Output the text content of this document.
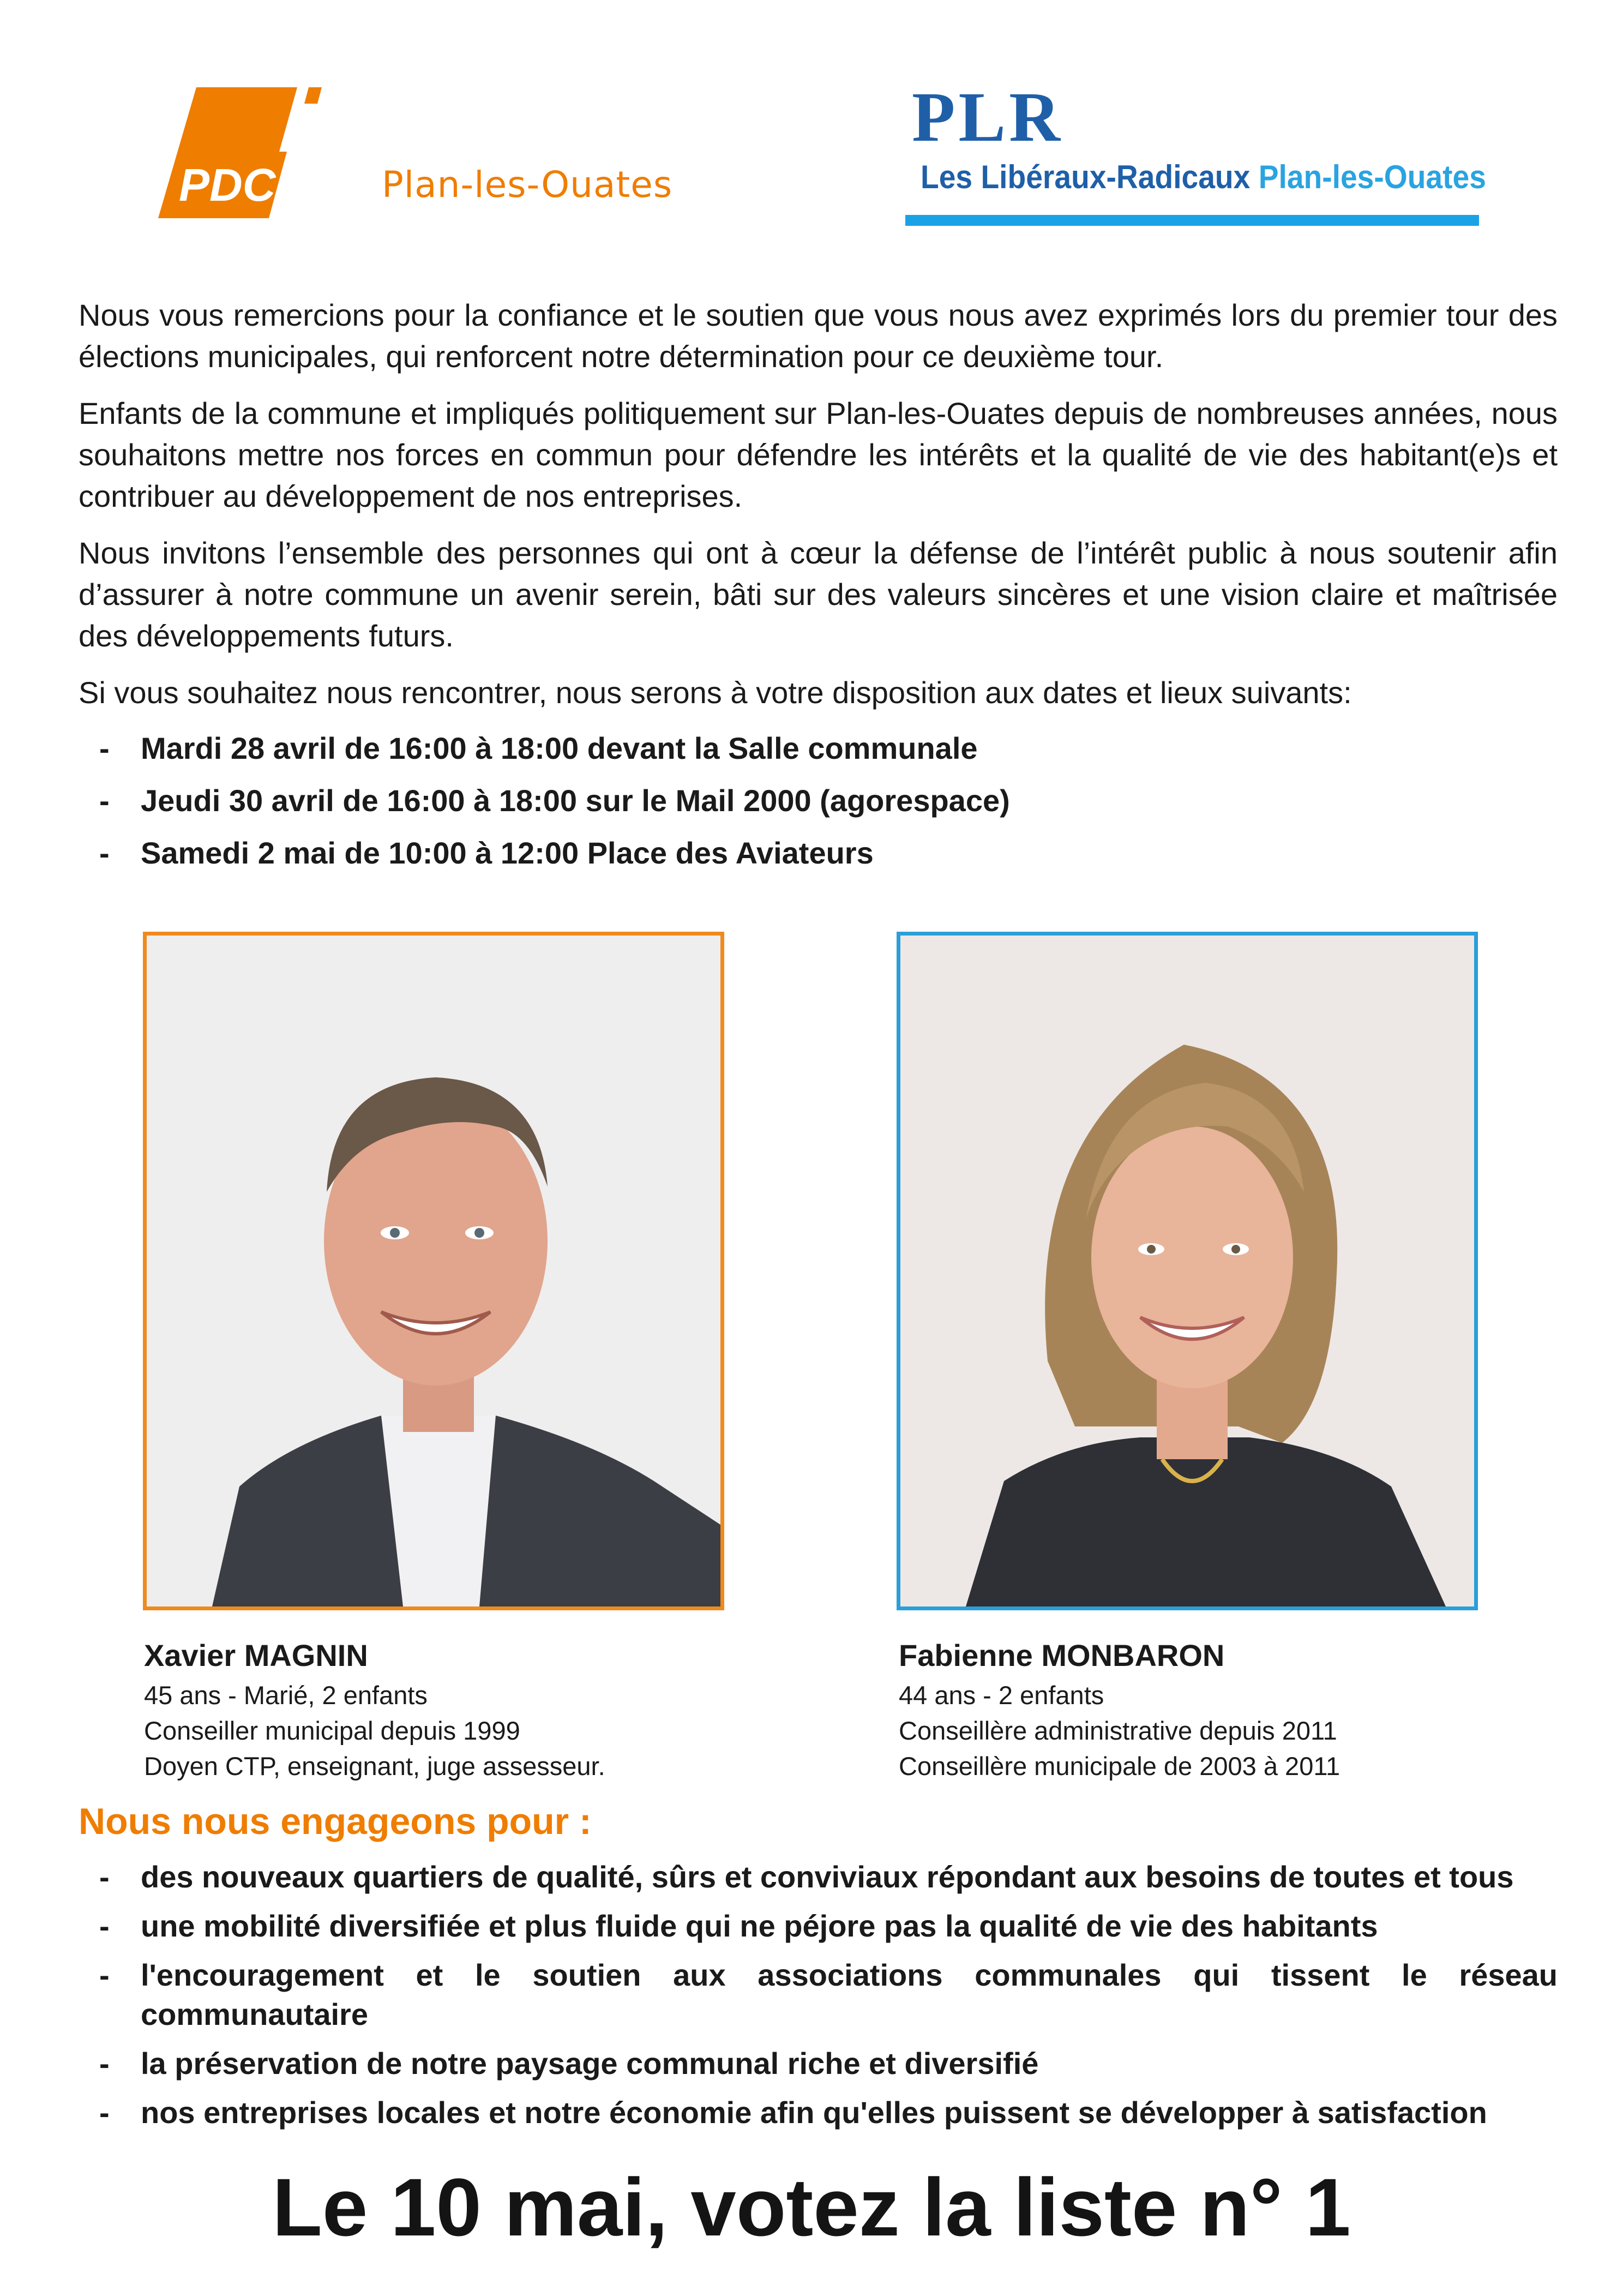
PDC	Plan-les-Ouates
PLR
Les Libéraux-Radicaux Plan-les-Ouates

Nous vous remercions pour la confiance et le soutien que vous nous avez exprimés lors du premier tour des élections municipales, qui renforcent notre détermination pour ce deuxième tour.

Enfants de la commune et impliqués politiquement sur Plan-les-Ouates depuis de nombreuses années, nous souhaitons mettre nos forces en commun pour défendre les intérêts et la qualité de vie des habitant(e)s et contribuer au développement de nos entreprises.

Nous invitons l’ensemble des personnes qui ont à cœur la défense de l’intérêt public à nous soutenir afin d’assurer à notre commune un avenir serein, bâti sur des valeurs sincères et une vision claire et maîtrisée des développements futurs.

Si vous souhaitez nous rencontrer, nous serons à votre disposition aux dates et lieux suivants:

- Mardi 28 avril de 16:00 à 18:00 devant la Salle communale
- Jeudi 30 avril de 16:00 à 18:00 sur le Mail 2000 (agorespace)
- Samedi 2 mai de 10:00 à 12:00 Place des Aviateurs
Xavier MAGNIN
45 ans - Marié, 2 enfants
Conseiller municipal depuis 1999
Doyen CTP, enseignant, juge assesseur.
Fabienne MONBARON
44 ans - 2 enfants
Conseillère administrative depuis 2011
Conseillère municipale de 2003 à 2011
Nous nous engageons pour :
- des nouveaux quartiers de qualité, sûrs et conviviaux répondant aux besoins de toutes et tous
- une mobilité diversifiée et plus fluide qui ne péjore pas la qualité de vie des habitants
- l'encouragement et le soutien aux associations communales qui tissent le réseau communautaire
- la préservation de notre paysage communal riche et diversifié
- nos entreprises locales et notre économie afin qu'elles puissent se développer à satisfaction
Le 10 mai, votez la liste n° 1
